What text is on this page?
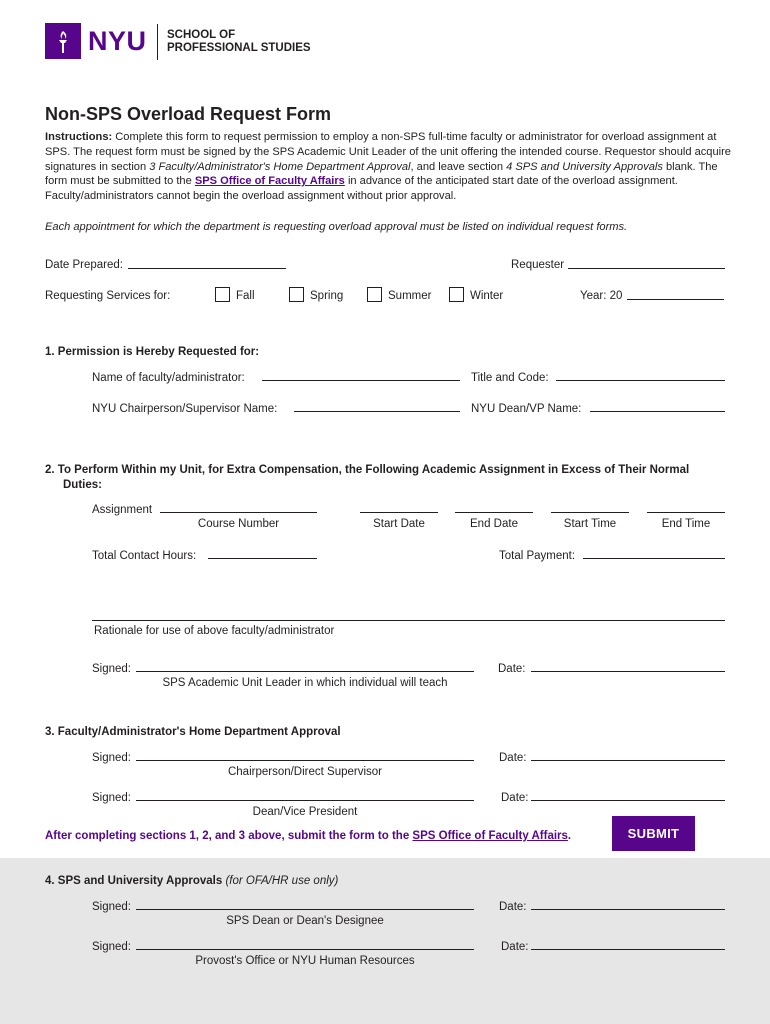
NYU SCHOOL OF
PROFESSIONAL STUDIES
Non-SPS Overload Request Form
Instructions: Complete this form to request permission to employ a non-SPS full-time faculty or administrator for overload assignment at SPS. The request form must be signed by the SPS Academic Unit Leader of the unit offering the intended course. Requestor should acquire signatures in section 3 Faculty/Administrator's Home Department Approval, and leave section 4 SPS and University Approvals blank. The form must be submitted to the SPS Office of Faculty Affairs in advance of the anticipated start date of the overload assignment. Faculty/administrators cannot begin the overload assignment without prior approval.
Each appointment for which the department is requesting overload approval must be listed on individual request forms.
Date Prepared:	Requester
Requesting Services for:	Fall	Spring	Summer	Winter	Year: 20
1. Permission is Hereby Requested for:
Name of faculty/administrator:	Title and Code:
NYU Chairperson/Supervisor Name:	NYU Dean/VP Name:
2. To Perform Within my Unit, for Extra Compensation, the Following Academic Assignment in Excess of Their Normal
Duties:
Assignment
Course Number	Start Date	End Date	Start Time	End Time
Total Contact Hours:	Total Payment:
Rationale for use of above faculty/administrator
Signed:
SPS Academic Unit Leader in which individual will teach
Date:
3. Faculty/Administrator's Home Department Approval
Signed:
Chairperson/Direct Supervisor
Date:
Signed:
Dean/Vice President
Date:
After completing sections 1, 2, and 3 above, submit the form to the SPS Office of Faculty Affairs.	SUBMIT
4. SPS and University Approvals (for OFA/HR use only)
Signed:
SPS Dean or Dean's Designee
Date:
Signed:
Provost's Office or NYU Human Resources
Date:
